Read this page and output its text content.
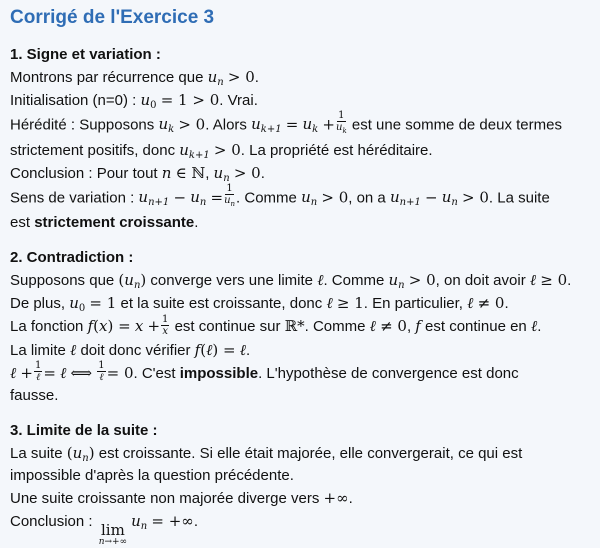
Corrigé de l'Exercice 3
1. Signe et variation :
Montrons par récurrence que $u_n > 0$.
Initialisation (n=0) : $u_0 = 1 > 0$. Vrai.
Hérédité : Supposons $u_k > 0$. Alors $u_{k+1} = u_k + \frac{1}{u_k}$ est une somme de deux termes
strictement positifs, donc $u_{k+1} > 0$. La propriété est héréditaire.
Conclusion : Pour tout n ∈ ℕ, $u_n > 0$.
Sens de variation : $u_{n+1} - u_n = \frac{1}{u_n}$ . Comme $u_n > 0$, on a $u_{n+1} - u_n > 0$. La suite
est strictement croissante.
2. Contradiction :
Supposons que $(u_n)$ converge vers une limite ℓ. Comme $u_n > 0$, on doit avoir ℓ ≥ 0.
De plus, $u_0 = 1$ et la suite est croissante, donc ℓ ≥ 1. En particulier, ℓ ≠ 0.
La fonction $f(x) = x + \frac{1}{x}$ est continue sur ℝ*. Comme ℓ ≠ 0, f est continue en ℓ.
La limite ℓ doit donc vérifier f(ℓ) = ℓ.
ℓ + $\frac{1}{\text{ℓ}}$ = ℓ ⟺ $\frac{1}{\text{ℓ}} = 0$. C'est impossible. L'hypothèse de convergence est donc
fausse.
3. Limite de la suite :
La suite $(u_n)$ est croissante. Si elle était majorée, elle convergerait, ce qui est
impossible d'après la question précédente.
Une suite croissante non majorée diverge vers +∞.
Conclusion : lim
n→+∞
$u_n$ = +∞.
